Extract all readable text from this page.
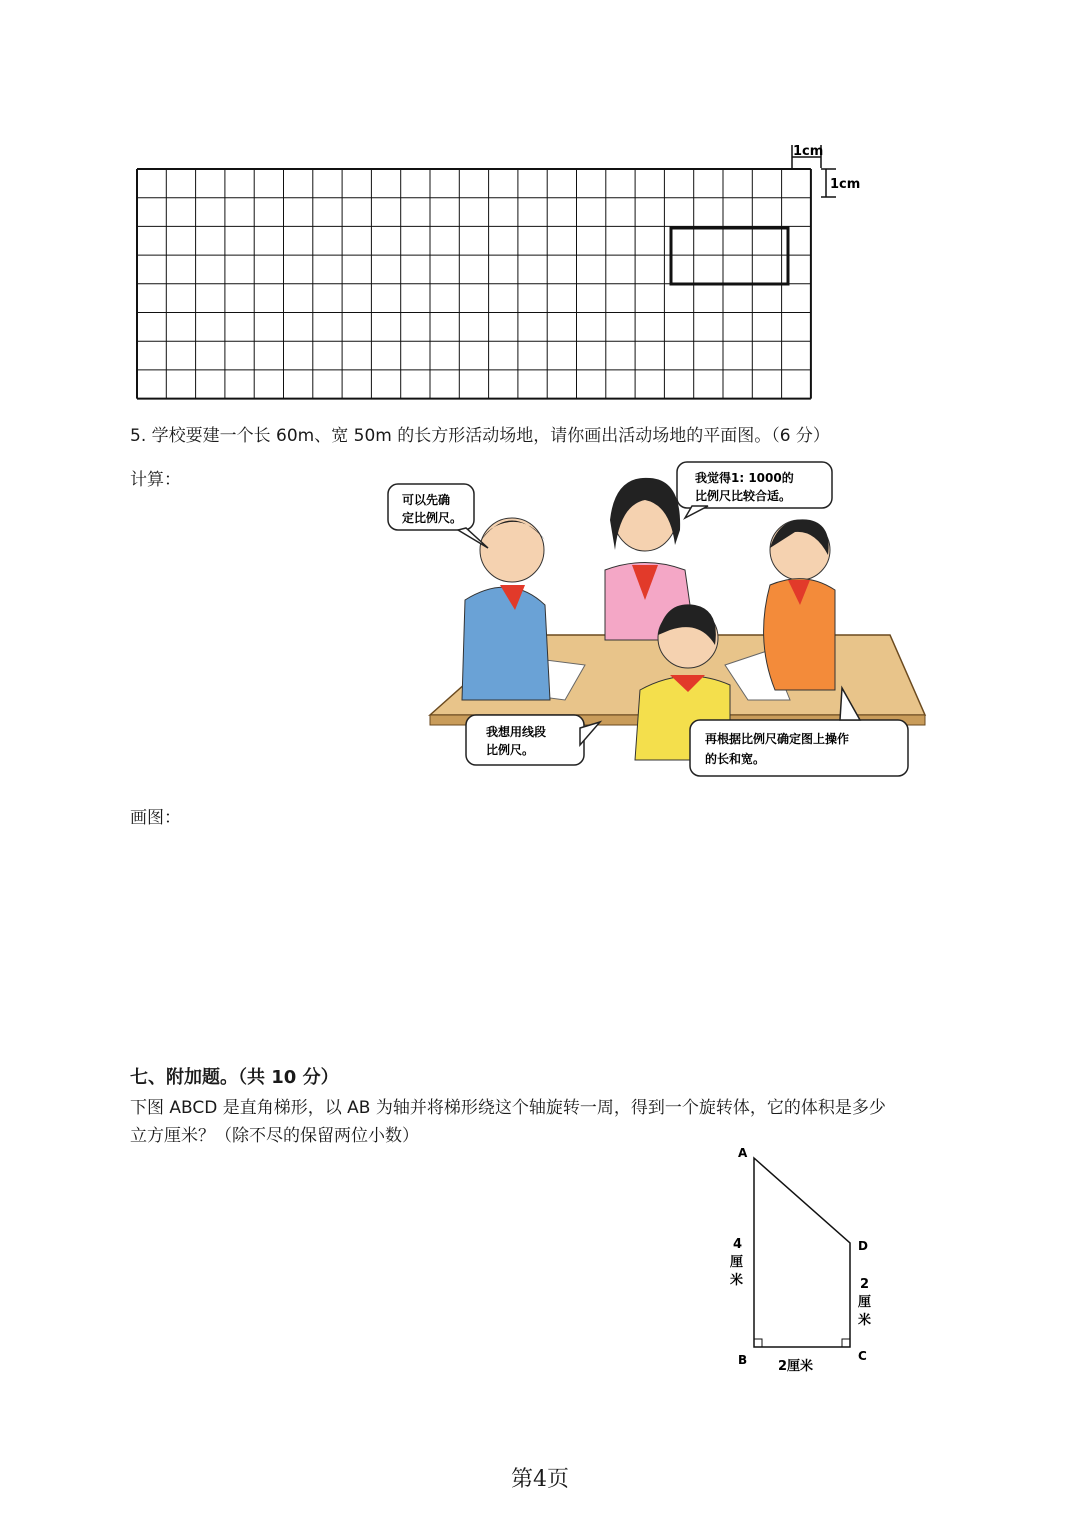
1cm
1cm
5. 学校要建一个长 60m、宽 50m 的长方形活动场地，请你画出活动场地的平面图。（6 分）
计算：
可以先确
定比例尺。
我觉得1: 1000的
比例尺比较合适。
我想用线段
比例尺。
再根据比例尺确定图上操作
的长和宽。
画图：
七、附加题。（共 10 分）
下图 ABCD 是直角梯形，以 AB 为轴并将梯形绕这个轴旋转一周，得到一个旋转体，它的体积是多少
立方厘米？（除不尽的保留两位小数）
A
D
B	C
4
厘
米	2
厘
米
2厘米
第4页
